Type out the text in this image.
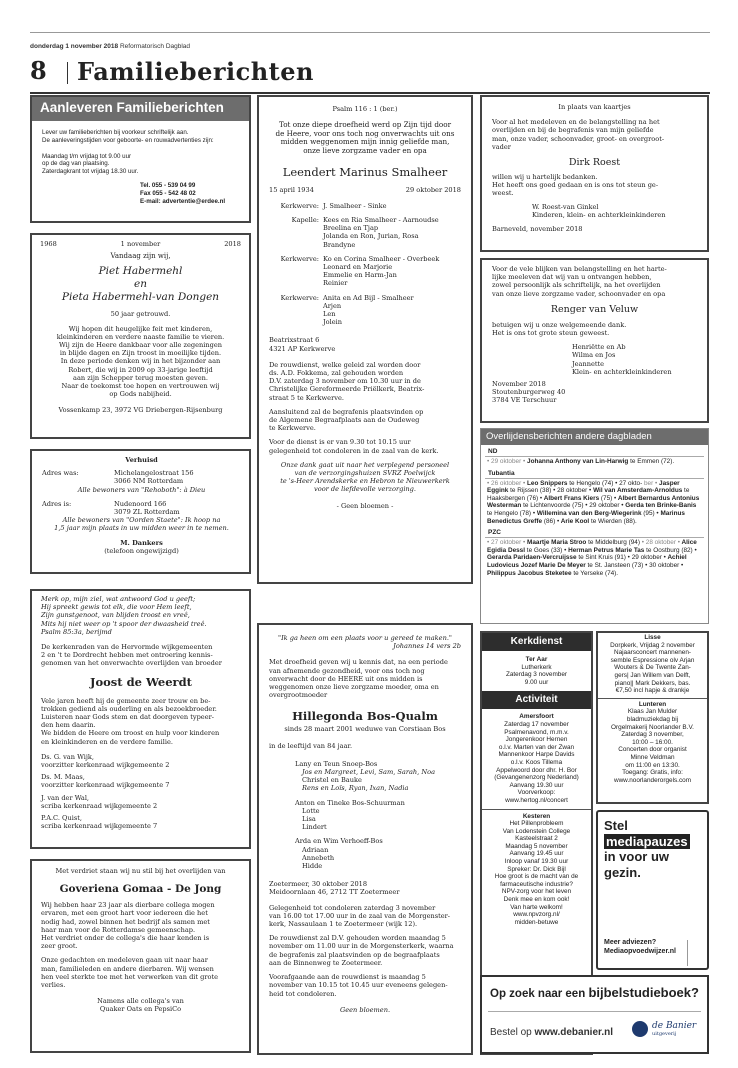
donderdag 1 november 2018 Reformatorisch Dagblad
8 Familieberichten
Aanleveren Familieberichten

Lever uw familieberichten bij voorkeur schriftelijk aan.

De aanleveringstijden voor geboorte- en rouwadvertenties zijn:

Maandag t/m vrijdag tot 9.00 uur

op de dag van plaatsing.

Zaterdagkrant tot vrijdag 18.30 uur.

Tel. 055 - 539 04 99

Fax 055 - 542 48 02

E-mail: advertentie@erdee.nl

1968	1 november	2018

Vandaag zijn wij,

Piet Habermehl

en

Pieta Habermehl-van Dongen

50 jaar getrouwd.

Wij hopen dit heugelijke feit met kinderen,

kleinkinderen en verdere naaste familie te vieren.

Wij zijn de Heere dankbaar voor alle zegeningen

in blijde dagen en Zijn troost in moeilijke tijden.

In deze periode denken wij in het bijzonder aan

Robert, die wij in 2009 op 33-jarige leeftijd

aan zijn Schepper terug moesten geven.

Naar de toekomst toe hopen en vertrouwen wij

op Gods nabijheid.

Vossenkamp 23, 3972 VG Driebergen-Rijsenburg

Verhuisd

Adres was:	Michelangelostraat 156

3066 NM Rotterdam

Alle bewoners van "Rehoboth": à Dieu

Adres is:	Nudenoord 166

3079 ZL Rotterdam

Alle bewoners van "Oorden Staete": Ik hoop na

1,5 jaar mijn plaats in uw midden weer in te nemen.

M. Dankers

(telefoon ongewijzigd)

Merk op, mijn ziel, wat antwoord God u geeft;

Hij spreekt gewis tot elk, die voor Hem leeft,

Zijn gunstgenoot, van blijden troost en vreê,

Mits hij niet weer op 't spoor der dwaasheid treê.

Psalm 85:3a, berijmd

De kerkenraden van de Hervormde wijkgemeenten

2 en 't te Dordrecht hebben met ontroering kennis-

genomen van het onverwachte overlijden van broeder

Joost de Weerdt

Vele jaren heeft hij de gemeente zeer trouw en be-

trokken gediend als ouderling en als bezoekbroeder.

Luisteren naar Gods stem en dat doorgeven typeer-

den hem daarin.

We bidden de Heere om troost en hulp voor kinderen

en kleinkinderen en de verdere familie.

Ds. G. van Wijk,

voorzitter kerkenraad wijkgemeente 2

Ds. M. Maas,

voorzitter kerkenraad wijkgemeente 7

J. van der Wal,

scriba kerkenraad wijkgemeente 2

P.A.C. Quist,

scriba kerkenraad wijkgemeente 7

Met verdriet staan wij nu stil bij het overlijden van

Goveriena Gomaa - De Jong

Wij hebben haar 23 jaar als dierbare collega mogen

ervaren, met een groot hart voor iedereen die het

nodig had, zowel binnen het bedrijf als samen met

haar man voor de Rotterdamse gemeenschap.

Het verdriet onder de collega's die haar kenden is

zeer groot.

Onze gedachten en medeleven gaan uit naar haar

man, familieleden en andere dierbaren. Wij wensen

hen veel sterkte toe met het verwerken van dit grote

verlies.

Namens alle collega's van

Quaker Oats en PepsiCo

Psalm 116 : 1 (ber.)

Tot onze diepe droefheid werd op Zijn tijd door

de Heere, voor ons toch nog onverwachts uit ons

midden weggenomen mijn innig geliefde man,

onze lieve zorgzame vader en opa

Leendert Marinus Smalheer

15 april 1934	29 oktober 2018
Kerkwerve: J. Smalheer - Sinke

Kapelle: Kees en Ria Smalheer - Aarnoudse

Breelina en Tjap

Jolanda en Ron, Jurian, Rosa

Brandyne

Kerkwerve: Ko en Corina Smalheer - Overbeek

Leonard en Marjorie

Emmelie en Harm-Jan

Reinier

Kerkwerve: Anita en Ad Bijl - Smalheer

Arjen

Len

Jolein

Beatrixstraat 6

4321 AP Kerkwerve

De rouwdienst, welke geleid zal worden door

ds. A.D. Fokkema, zal gehouden worden

D.V. zaterdag 3 november om 10.30 uur in de

Christelijke Gereformeerde Priëlkerk, Beatrix-

straat 5 te Kerkwerve.

Aansluitend zal de begrafenis plaatsvinden op

de Algemene Begraafplaats aan de Oudeweg

te Kerkwerve.

Voor de dienst is er van 9.30 tot 10.15 uur

gelegenheid tot condoleren in de zaal van de kerk.

Onze dank gaat uit naar het verplegend personeel

van de verzorgingshuizen SVRZ Poelwijck

te 's-Heer Arendskerke en Hebron te Nieuwerkerk

voor de liefdevolle verzorging.

- Geen bloemen -

"Ik ga heen om een plaats voor u gereed te maken."

Johannes 14 vers 2b

Met droefheid geven wij u kennis dat, na een periode

van afnemende gezondheid, voor ons toch nog

onverwacht door de HEERE uit ons midden is

weggenomen onze lieve zorgzame moeder, oma en

overgrootmoeder

Hillegonda Bos-Qualm

sinds 28 maart 2001 weduwe van Corstiaan Bos

in de leeftijd van 84 jaar.

Lany en Teun Snoep-Bos

Jos en Margreet, Levi, Sam, Sarah, Noa

Christel en Bauke

Rens en Loïs, Ryan, Ixan, Nadia

Anton en Tineke Bos-Schuurman

Lotte

Lisa

Lindert

Arda en Wim Verhoeff-Bos

Adriaan

Annebeth

Hidde

Zoetermeer, 30 oktober 2018

Meidoornlaan 46, 2712 TT Zoetermeer

Gelegenheid tot condoleren zaterdag 3 november

van 16.00 tot 17.00 uur in de zaal van de Morgenster-

kerk, Nassaulaan 1 te Zoetermeer (wijk 12).

De rouwdienst zal D.V. gehouden worden maandag 5

november om 11.00 uur in de Morgensterkerk, waarna

de begrafenis zal plaatsvinden op de begraafplaats

aan de Binnenweg te Zoetermeer.

Voorafgaande aan de rouwdienst is maandag 5

november van 10.15 tot 10.45 uur eveneens gelegen-

heid tot condoleren.

Geen bloemen.

In plaats van kaartjes

Voor al het medeleven en de belangstelling na het

overlijden en bij de begrafenis van mijn geliefde

man, onze vader, schoonvader, groot- en overgroot-

vader

Dirk Roest

willen wij u hartelijk bedanken.

Het heeft ons goed gedaan en is ons tot steun ge-

weest.

W. Roest-van Ginkel

Kinderen, klein- en achterkleinkinderen

Barneveld, november 2018

Voor de vele blijken van belangstelling en het harte-

lijke meeleven dat wij van u ontvangen hebben,

zowel persoonlijk als schriftelijk, na het overlijden

van onze lieve zorgzame vader, schoonvader en opa

Renger van Veluw

betuigen wij u onze welgemeende dank.

Het is ons tot grote steun geweest.

Henriëtte en Ab

Wilma en Jos

Jeannette

Klein- en achterkleinkinderen

November 2018

Stoutenburgerweg 40

3784 VE Terschuur

Overlijdensberichten andere dagbladen
ND
• 29 oktober • Johanna Anthony van Lin-Harwig te Emmen (72).
Tubantia
• 26 oktober • Leo Snippers te Hengelo (74) • 27 okto- ber • Jasper Eggink te Rijssen (38) • 28 oktober • Wil van Amsterdam-Arnoldus te Haaksbergen (76) • Albert Frans Kiers (75) • Albert Bernardus Antonius Westerman te Lichtenvoorde (75) • 29 oktober • Gerda ten Brinke-Banis te Hengelo (78) • Willemina van den Berg-Wiegerink (95) • Marinus Benedictus Greffe (86) • Arie Kool te Wierden (88).
PZC
• 27 oktober • Maartje Maria Stroo te Middelburg (94) • 28 oktober • Alice Egidia Dessl te Goes (33) • Herman Petrus Marie Tas te Oostburg (82) • Gerarda Paridaen-Vercruijsse te Sint Kruis (91) • 29 oktober • Achiel Ludovicus Jozef Marie De Meyer te St. Jansteen (73) • 30 oktober • Philippus Jacobus Steketee te Yerseke (74).
Kerkdienst

Ter Aar

Lutherkerk

Zaterdag 3 november

9.00 uur

Activiteit

Amersfoort

Zaterdag 17 november

Psalmenavond, m.m.v.

Jongerenkoor Hernen

o.l.v. Marten van der Zwan

Mannenkoor Harpe Davids

o.l.v. Koos Tillema

Appelwoord door dhr. H. Bor

(Gevangenenzorg Nederland)

Aanvang 19.30 uur

Voorverkoop:

www.hertog.nl/concert

Kesteren

Het Pillenprobleem

Van Lodenstein College

Kasteelstraat 2

Maandag 5 november

Aanvang 19.45 uur

Inloop vanaf 19.30 uur

Spreker: Dr. Dick Bijl

Hoe groot is de macht van de

farmaceutische industrie?

NPV-zorg voor het leven

Denk mee en kom ook!

Van harte welkom!

www.npvzorg.nl/

midden-betuwe

Lisse

Dorpkerk, Vrijdag 2 november

Najaarsconcert mannenen-

semble Espressione olv Arjan

Wouters & De Twente Zan-

gers| Jan Willem van Delft,

piano|| Mark Dekkers, bas.

€7,50 incl hapje & drankje

Lunteren

Klaas Jan Mulder

bladmuziekdag bij

Orgelmakerij Noorlander B.V.

Zaterdag 3 november,

10:00 – 16:00.

Concerten door organist

Minne Veldman

om 11:00 en 13:30.

Toegang: Gratis, info:

www.noorlanderorgels.com

Stel

mediapauzes

in voor uw

gezin.

Meer adviezen?

Mediaopvoedwijzer.nl

Op zoek naar een bijbelstudieboek?
Bestel op www.debanier.nl

de Banier

uitgeverij
